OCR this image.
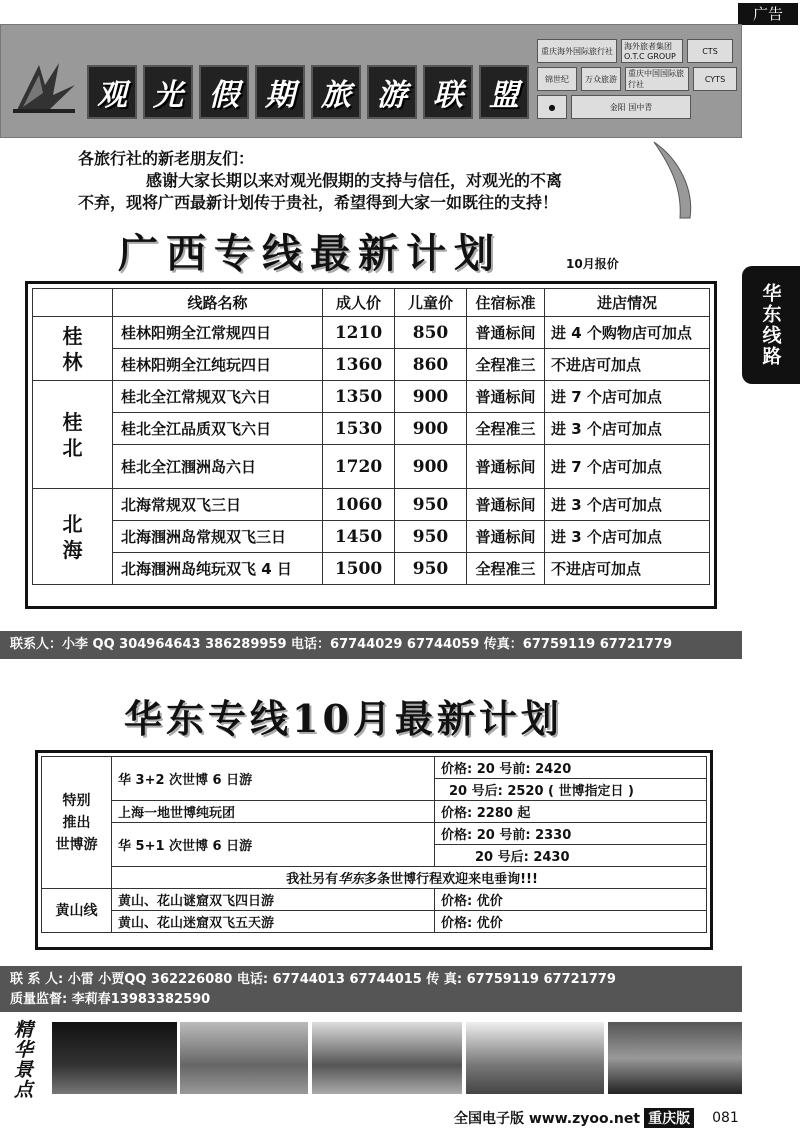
广告
观 光 假 期 旅 游 联 盟
重庆海外国际旅行社	海外旅者集团 O.T.C GROUP
CTS
锦世纪	万众旅游
重庆中国国际旅行社
CYTS
●	金阳 国中青
各旅行社的新老朋友们：
感谢大家长期以来对观光假期的支持与信任，对观光的不离
不弃，现将广西最新计划传于贵社，希望得到大家一如既往的支持！
广西专线最新计划	10月报价
华东线路
	线路名称	成人价	儿童价	住宿标准	进店情况

桂
林	桂林阳朔全江常规四日	1210	850	普通标间	进 4 个购物店可加点
	桂林阳朔全江纯玩四日	1360	860	全程准三	不进店可加点

桂
北	桂北全江常规双飞六日	1350	900	普通标间	进 7 个店可加点
	桂北全江品质双飞六日	1530	900	全程准三	进 3 个店可加点
	桂北全江涠洲岛六日	1720	900	普通标间	进 7 个店可加点

北
海	北海常规双飞三日	1060	950	普通标间	进 3 个店可加点
	北海涠洲岛常规双飞三日	1450	950	普通标间	进 3 个店可加点
	北海涠洲岛纯玩双飞 4 日	1500	950	全程准三	不进店可加点
联系人：小李 QQ 304964643 386289959 电话：67744029 67744059 传真：67759119 67721779
华东专线10月最新计划
特别
推出
世博游	华 3+2 次世博 6 日游	价格: 20 号前: 2420
		20 号后: 2520 ( 世博指定日 )
	上海一地世博纯玩团	价格: 2280 起
	华 5+1 次世博 6 日游	价格: 20 号前: 2330
		20 号后: 2430
	我社另有华东多条世博行程欢迎来电垂询!!!	
黄山线	黄山、花山谜窟双飞四日游	价格: 优价
	黄山、花山迷窟双飞五天游	价格: 优价
联 系 人: 小雷 小贾QQ 362226080 电话: 67744013 67744015 传 真: 67759119 67721779
质量监督: 李莉春13983382590
精华景点
全国电子版 www.zyoo.net 重庆版 081
